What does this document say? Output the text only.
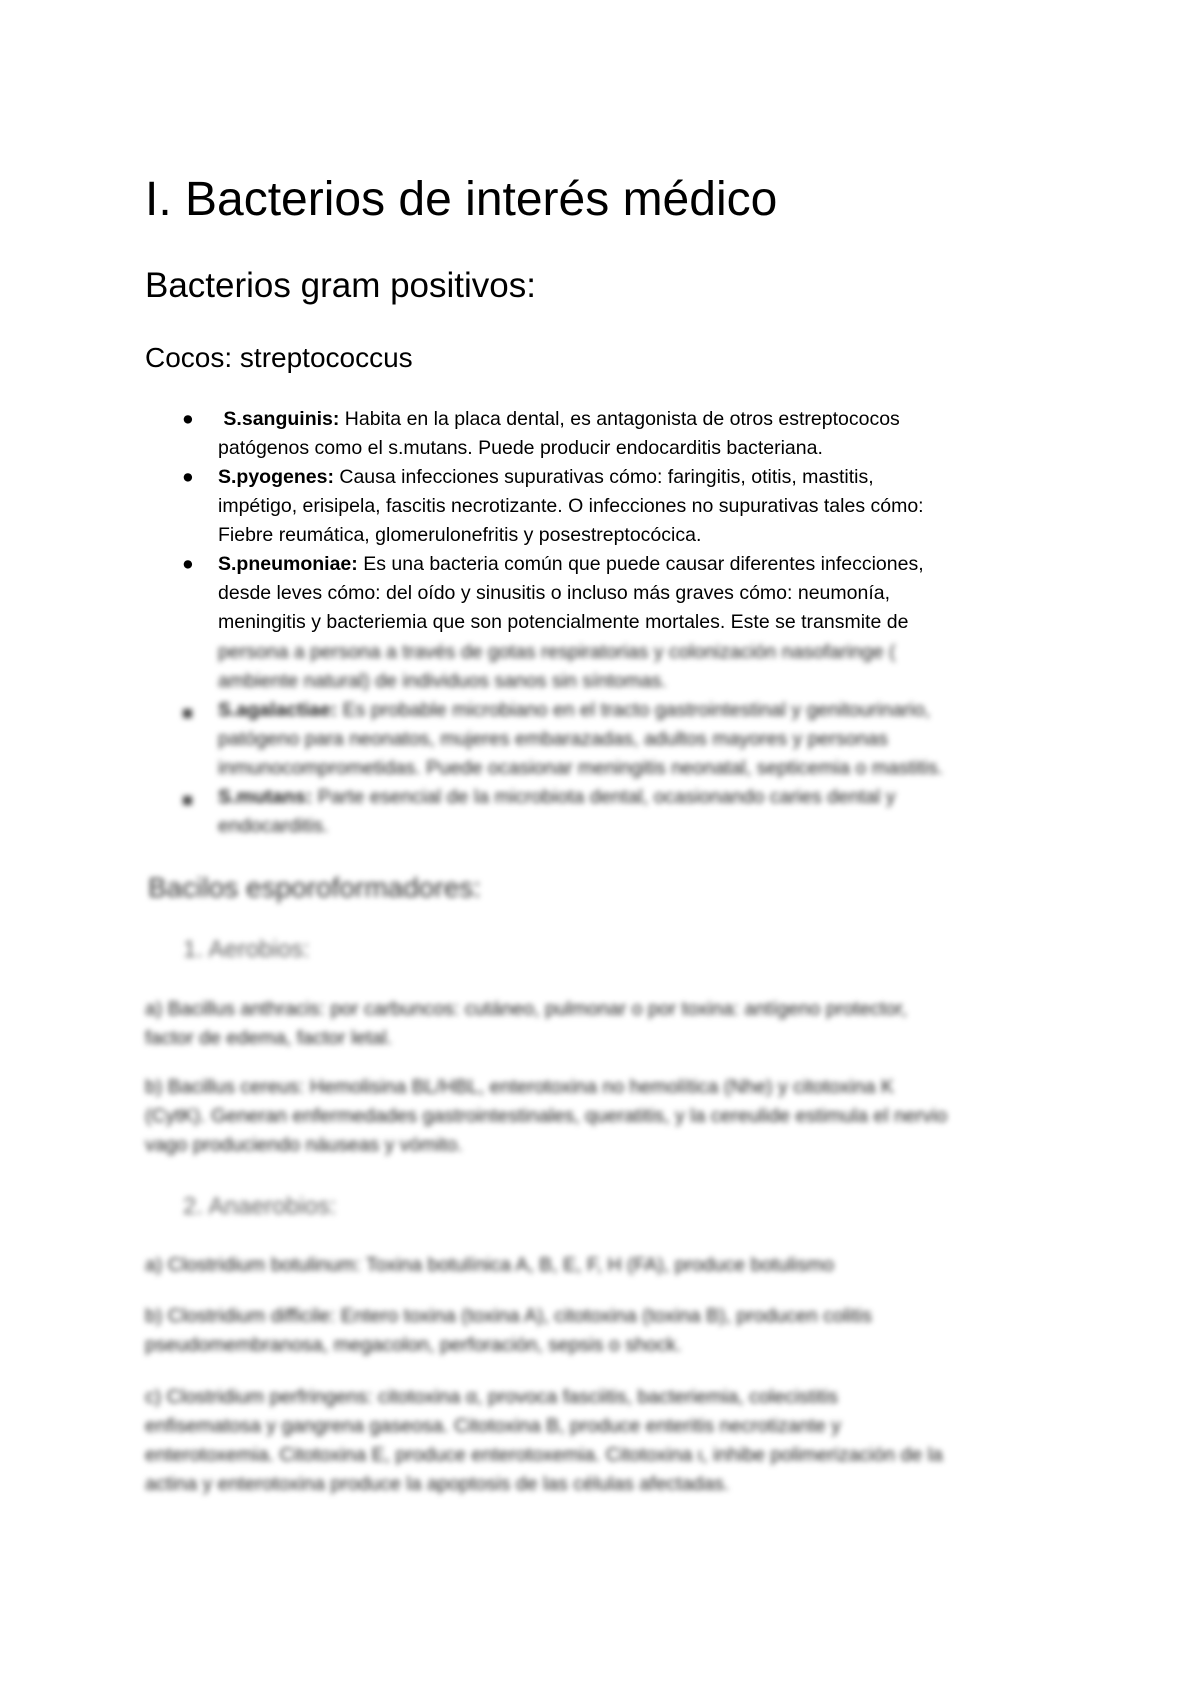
I. Bacterios de interés médico
Bacterios gram positivos:
Cocos: streptococcus
● S.sanguinis: Habita en la placa dental, es antagonista de otros estreptococos
patógenos como el s.mutans. Puede producir endocarditis bacteriana.
● S.pyogenes: Causa infecciones supurativas cómo: faringitis, otitis, mastitis,
impétigo, erisipela, fascitis necrotizante. O infecciones no supurativas tales cómo:
Fiebre reumática, glomerulonefritis y posestreptocócica.
● S.pneumoniae: Es una bacteria común que puede causar diferentes infecciones,
desde leves cómo: del oído y sinusitis o incluso más graves cómo: neumonía,
meningitis y bacteriemia que son potencialmente mortales. Este se transmite de
persona a persona a través de gotas respiratorias y colonización nasofaringe (
ambiente natural) de individuos sanos sin síntomas.
S.agalactiae: Es probable microbiano en el tracto gastrointestinal y genitourinario,
patógeno para neonatos, mujeres embarazadas, adultos mayores y personas
inmunocomprometidas. Puede ocasionar meningitis neonatal, septicemia o mastitis.
S.mutans: Parte esencial de la microbiota dental, ocasionando caries dental y
endocarditis.
Bacilos esporoformadores:
1. Aerobios:
a) Bacillus anthracis: por carbuncos: cutáneo, pulmonar o por toxina: antígeno protector,
factor de edema, factor letal.
b) Bacillus cereus: Hemolisina BL/HBL, enterotoxina no hemolítica (Nhe) y citotoxina K
(CytK). Generan enfermedades gastrointestinales, queratitis, y la cereulide estimula el nervio
vago produciendo náuseas y vómito.
2. Anaerobios:
a) Clostridium botulinum: Toxina botulínica A, B, E, F, H (FA), produce botulismo
b) Clostridium difficile: Entero toxina (toxina A), citotoxina (toxina B), producen colitis
pseudomembranosa, megacolon, perforación, sepsis o shock.
c) Clostridium perfringens: citotoxina α, provoca fasciitis, bacteriemia, colecistitis
enfisematosa y gangrena gaseosa. Citotoxina B, produce enteritis necrotizante y
enterotoxemia. Citotoxina E, produce enterotoxemia. Citotoxina ι, inhibe polimerización de la
actina y enterotoxina produce la apoptosis de las células afectadas.
